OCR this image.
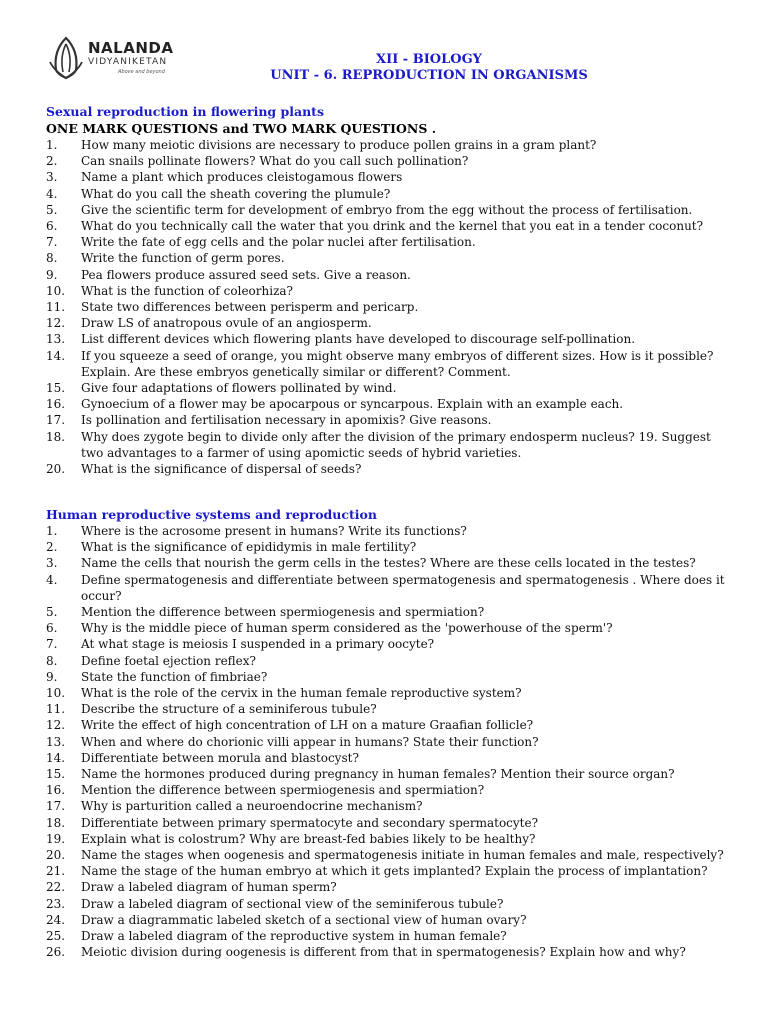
NALANDA
VIDYANIKETAN
Above and beyond
XII - BIOLOGY
UNIT - 6. REPRODUCTION IN ORGANISMS
Sexual reproduction in flowering plants
ONE MARK QUESTIONS and TWO MARK QUESTIONS .
1. How many meiotic divisions are necessary to produce pollen grains in a gram plant?
2. Can snails pollinate flowers? What do you call such pollination?
3. Name a plant which produces cleistogamous flowers
4. What do you call the sheath covering the plumule?
5. Give the scientific term for development of embryo from the egg without the process of fertilisation.
6. What do you technically call the water that you drink and the kernel that you eat in a tender coconut?
7. Write the fate of egg cells and the polar nuclei after fertilisation.
8. Write the function of germ pores.
9. Pea flowers produce assured seed sets. Give a reason.
10. What is the function of coleorhiza?
11. State two differences between perisperm and pericarp.
12. Draw LS of anatropous ovule of an angiosperm.
13. List different devices which flowering plants have developed to discourage self-pollination.
14. If you squeeze a seed of orange, you might observe many embryos of different sizes. How is it possible? Explain. Are these embryos genetically similar or different? Comment.
15. Give four adaptations of flowers pollinated by wind.
16. Gynoecium of a flower may be apocarpous or syncarpous. Explain with an example each.
17. Is pollination and fertilisation necessary in apomixis? Give reasons.
18. Why does zygote begin to divide only after the division of the primary endosperm nucleus? 19. Suggest two advantages to a farmer of using apomictic seeds of hybrid varieties.
20. What is the significance of dispersal of seeds?
Human reproductive systems and reproduction
1. Where is the acrosome present in humans? Write its functions?
2. What is the significance of epididymis in male fertility?
3. Name the cells that nourish the germ cells in the testes? Where are these cells located in the testes?
4. Define spermatogenesis and differentiate between spermatogenesis and spermatogenesis . Where does it occur?
5. Mention the difference between spermiogenesis and spermiation?
6. Why is the middle piece of human sperm considered as the 'powerhouse of the sperm'?
7. At what stage is meiosis I suspended in a primary oocyte?
8. Define foetal ejection reflex?
9. State the function of fimbriae?
10. What is the role of the cervix in the human female reproductive system?
11. Describe the structure of a seminiferous tubule?
12. Write the effect of high concentration of LH on a mature Graafian follicle?
13. When and where do chorionic villi appear in humans? State their function?
14. Differentiate between morula and blastocyst?
15. Name the hormones produced during pregnancy in human females? Mention their source organ?
16. Mention the difference between spermiogenesis and spermiation?
17. Why is parturition called a neuroendocrine mechanism?
18. Differentiate between primary spermatocyte and secondary spermatocyte?
19. Explain what is colostrum? Why are breast-fed babies likely to be healthy?
20. Name the stages when oogenesis and spermatogenesis initiate in human females and male, respectively?
21. Name the stage of the human embryo at which it gets implanted? Explain the process of implantation?
22. Draw a labeled diagram of human sperm?
23. Draw a labeled diagram of sectional view of the seminiferous tubule?
24. Draw a diagrammatic labeled sketch of a sectional view of human ovary?
25. Draw a labeled diagram of the reproductive system in human female?
26. Meiotic division during oogenesis is different from that in spermatogenesis? Explain how and why?
